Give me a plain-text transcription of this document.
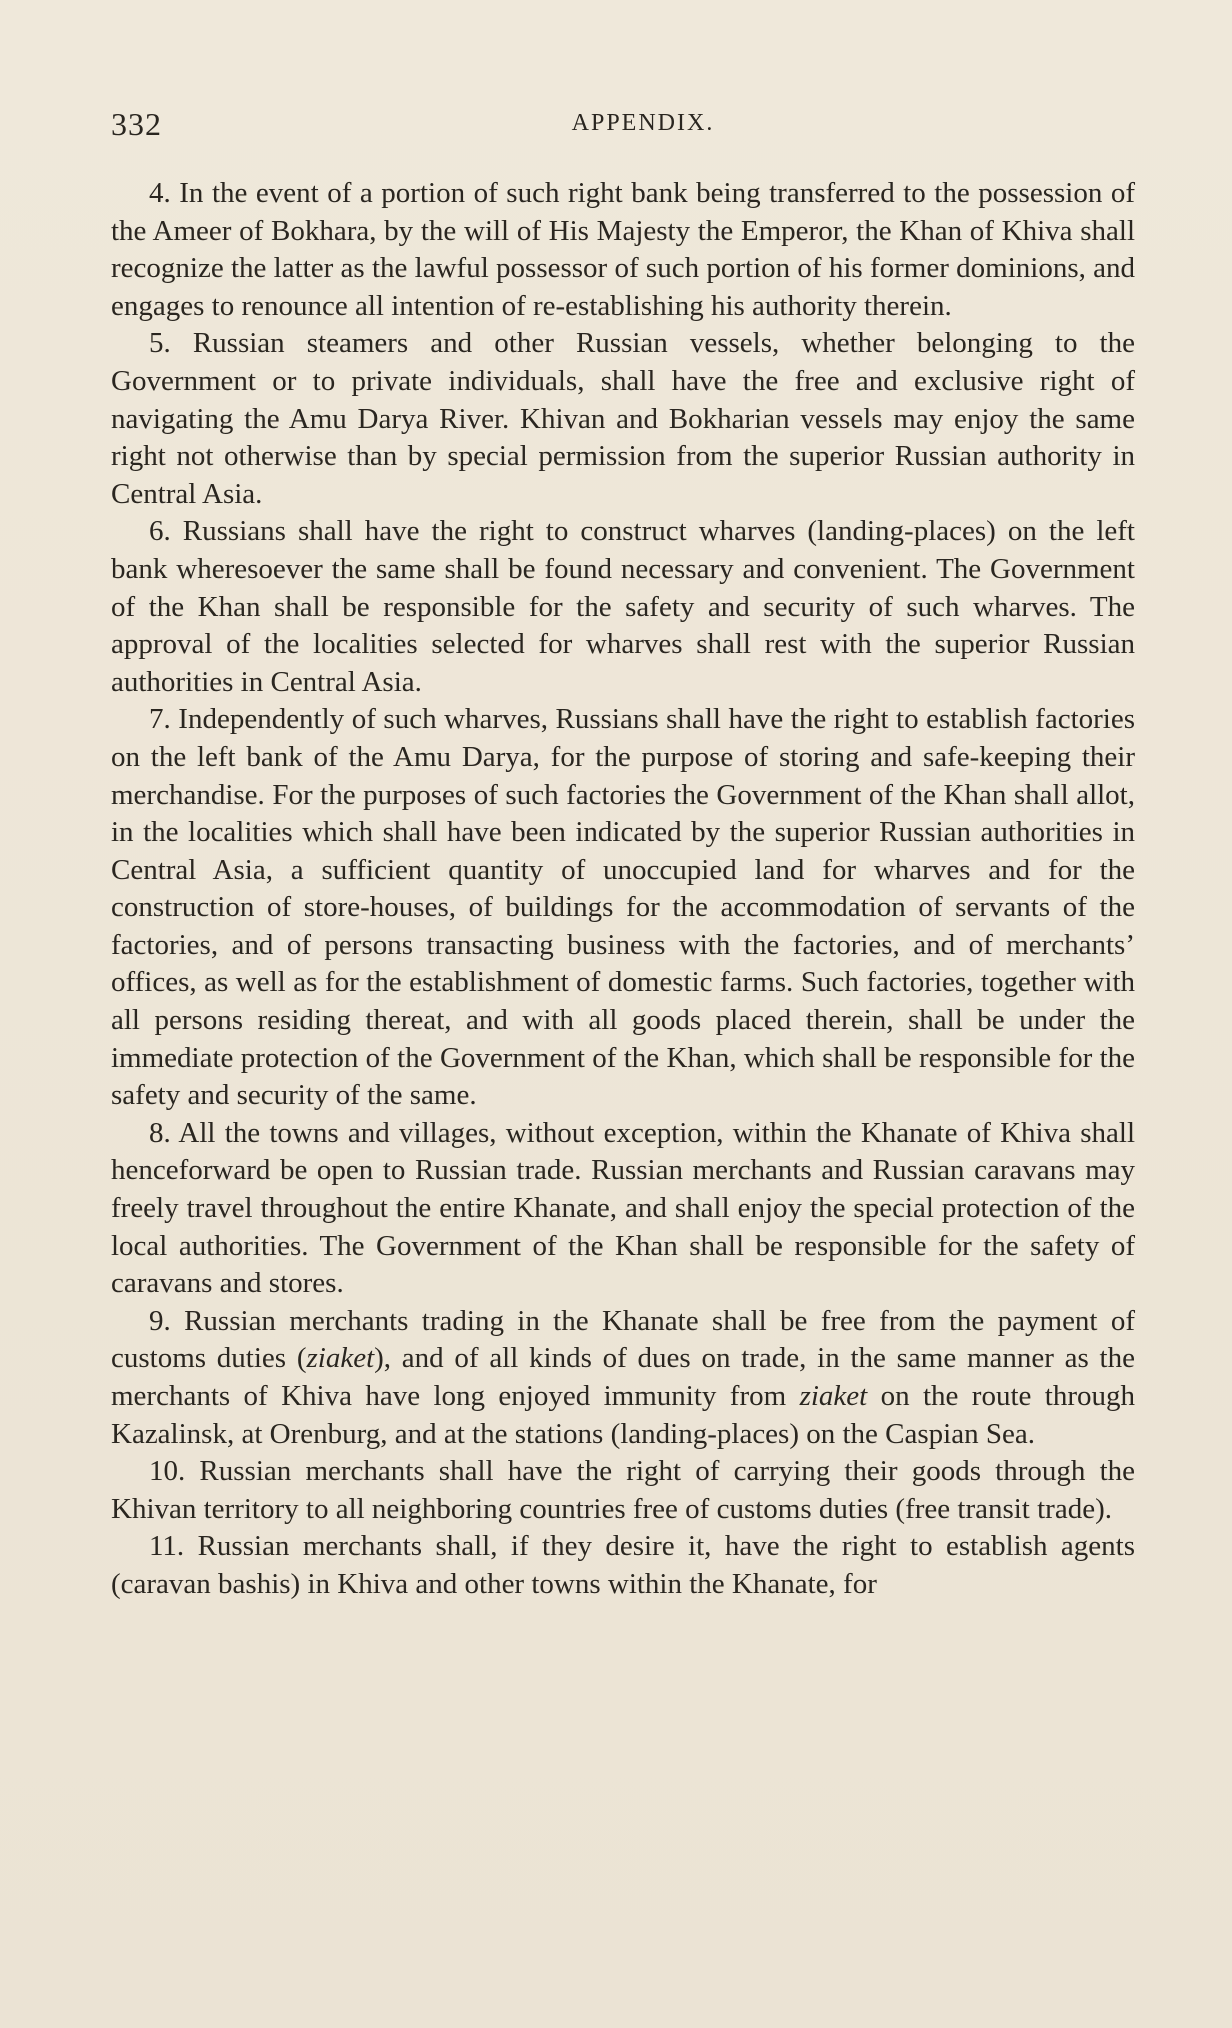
332	APPENDIX.

4. In the event of a portion of such right bank being transferred to the possession of the Ameer of Bokhara, by the will of His Majesty the Emperor, the Khan of Khiva shall recognize the latter as the lawful possessor of such portion of his former dominions, and engages to renounce all intention of re-establishing his authority therein.

5. Russian steamers and other Russian vessels, whether belonging to the Government or to private individuals, shall have the free and exclusive right of navigating the Amu Darya River. Khivan and Bokharian vessels may enjoy the same right not otherwise than by special permission from the superior Russian authority in Central Asia.

6. Russians shall have the right to construct wharves (landing-places) on the left bank wheresoever the same shall be found necessary and convenient. The Government of the Khan shall be responsible for the safety and security of such wharves. The approval of the localities selected for wharves shall rest with the superior Russian authorities in Central Asia.

7. Independently of such wharves, Russians shall have the right to establish factories on the left bank of the Amu Darya, for the purpose of storing and safe-keeping their merchandise. For the purposes of such factories the Government of the Khan shall allot, in the localities which shall have been indicated by the superior Russian authorities in Central Asia, a sufficient quantity of unoccupied land for wharves and for the construction of store-houses, of buildings for the accommodation of servants of the factories, and of persons transacting business with the factories, and of merchants’ offices, as well as for the establishment of domestic farms. Such factories, together with all persons residing thereat, and with all goods placed therein, shall be under the immediate protection of the Government of the Khan, which shall be responsible for the safety and security of the same.

8. All the towns and villages, without exception, within the Khanate of Khiva shall henceforward be open to Russian trade. Russian merchants and Russian caravans may freely travel throughout the entire Khanate, and shall enjoy the special protection of the local authorities. The Government of the Khan shall be responsible for the safety of caravans and stores.

9. Russian merchants trading in the Khanate shall be free from the payment of customs duties (ziaket), and of all kinds of dues on trade, in the same manner as the merchants of Khiva have long enjoyed immunity from ziaket on the route through Kazalinsk, at Orenburg, and at the stations (landing-places) on the Caspian Sea.

10. Russian merchants shall have the right of carrying their goods through the Khivan territory to all neighboring countries free of customs duties (free transit trade).

11. Russian merchants shall, if they desire it, have the right to establish agents (caravan bashis) in Khiva and other towns within the Khanate, for
